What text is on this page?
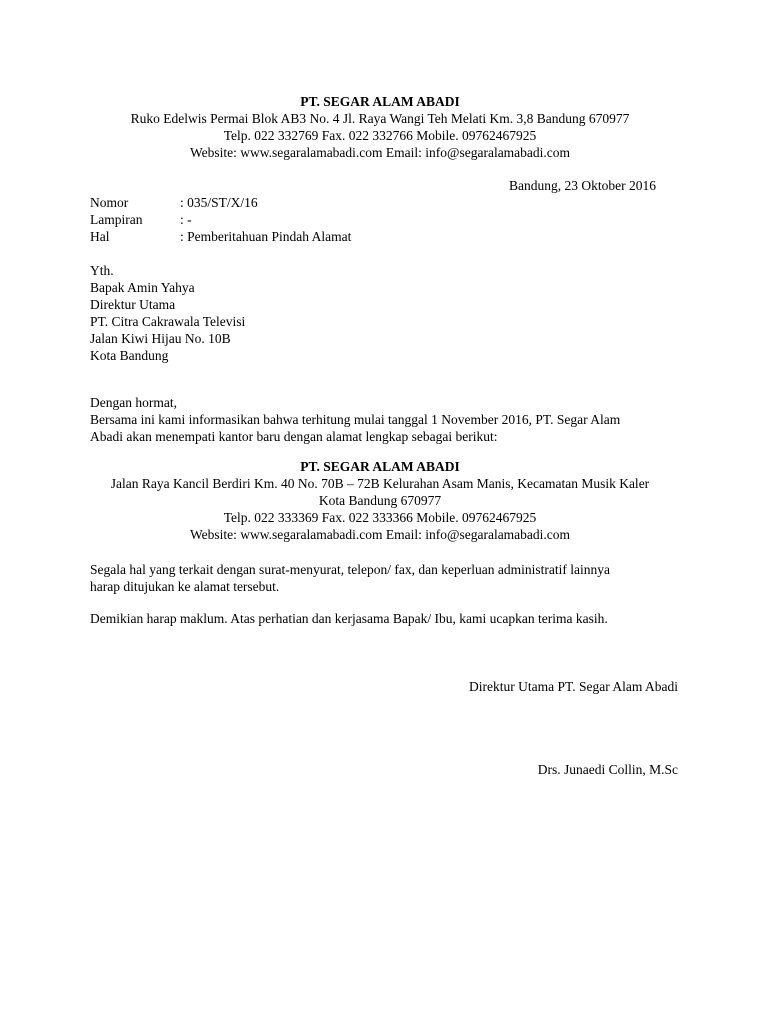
PT. SEGAR ALAM ABADI
Ruko Edelwis Permai Blok AB3 No. 4 Jl. Raya Wangi Teh Melati Km. 3,8 Bandung 670977
Telp. 022 332769 Fax. 022 332766 Mobile. 09762467925
Website: www.segaralamabadi.com Email: info@segaralamabadi.com
Bandung, 23 Oktober 2016
Nomor	: 035/ST/X/16
Lampiran	: -
Hal	: Pemberitahuan Pindah Alamat
Yth.
Bapak Amin Yahya
Direktur Utama
PT. Citra Cakrawala Televisi
Jalan Kiwi Hijau No. 10B
Kota Bandung
Dengan hormat,
Bersama ini kami informasikan bahwa terhitung mulai tanggal 1 November 2016, PT. Segar Alam
Abadi akan menempati kantor baru dengan alamat lengkap sebagai berikut:
PT. SEGAR ALAM ABADI
Jalan Raya Kancil Berdiri Km. 40 No. 70B – 72B Kelurahan Asam Manis, Kecamatan Musik Kaler
Kota Bandung 670977
Telp. 022 333369 Fax. 022 333366 Mobile. 09762467925
Website: www.segaralamabadi.com Email: info@segaralamabadi.com
Segala hal yang terkait dengan surat-menyurat, telepon/ fax, dan keperluan administratif lainnya
harap ditujukan ke alamat tersebut.
Demikian harap maklum. Atas perhatian dan kerjasama Bapak/ Ibu, kami ucapkan terima kasih.
Direktur Utama PT. Segar Alam Abadi
Drs. Junaedi Collin, M.Sc
